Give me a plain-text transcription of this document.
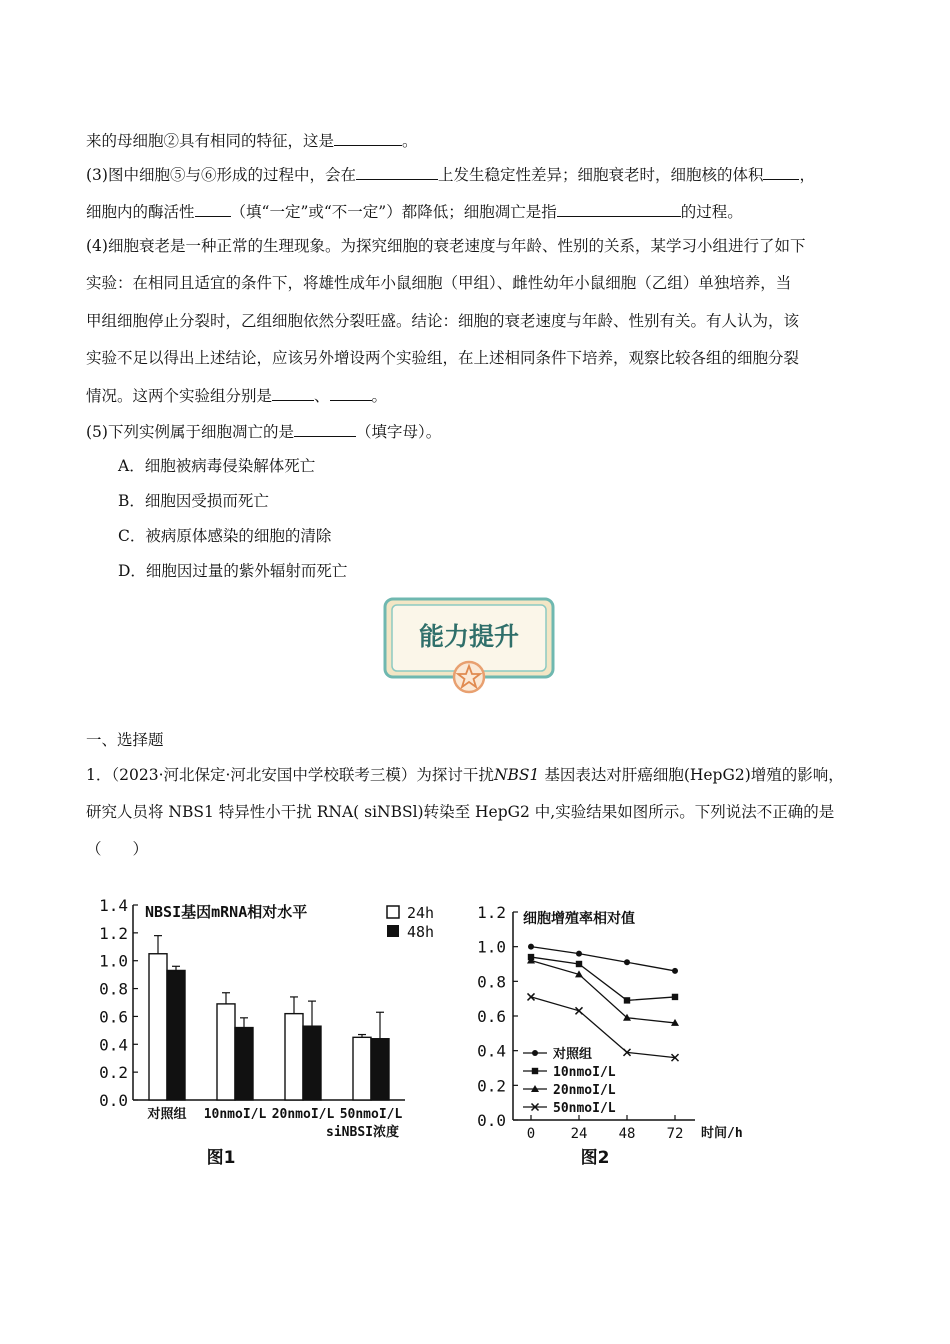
来的母细胞②具有相同的特征，这是	。
(3)图中细胞⑤与⑥形成的过程中，会在	上发生稳定性差异；细胞衰老时，细胞核的体积 ，
细胞内的酶活性 （填“一定”或“不一定”）都降低；细胞凋亡是指	的过程。
(4)细胞衰老是一种正常的生理现象。为探究细胞的衰老速度与年龄、性别的关系，某学习小组进行了如下
实验：在相同且适宜的条件下，将雄性成年小鼠细胞（甲组）、雌性幼年小鼠细胞（乙组）单独培养，当
甲组细胞停止分裂时，乙组细胞依然分裂旺盛。结论：细胞的衰老速度与年龄、性别有关。有人认为，该
实验不足以得出上述结论，应该另外增设两个实验组，在上述相同条件下培养，观察比较各组的细胞分裂
情况。这两个实验组分别是	、	。
(5)下列实例属于细胞凋亡的是	（填字母）。
A．细胞被病毒侵染解体死亡
B．细胞因受损而死亡
C．被病原体感染的细胞的清除
D．细胞因过量的紫外辐射而死亡
能力提升
一、选择题
1．（2023·河北保定·河北安国中学校联考三模）为探讨干扰NBS1 基因表达对肝癌细胞(HepG2)增殖的影响，
研究人员将 NBS1 特异性小干扰 RNA( siNBSl)转染至 HepG2 中,实验结果如图所示。下列说法不正确的是
（　　）
0.0
0.2
0.4
0.6
0.8
1.0
1.2
1.4
对照组 10nmoI/L 20nmoI/L 50nmoI/L
NBSI基因mRNA相对水平	24h
48h
siNBSI浓度
图1
0.0
0.2
0.4
0.6
0.8
1.0
1.2
0	24 48 72
细胞增殖率相对值
对照组
10nmoI/L
20nmoI/L
50nmoI/L
时间/h
图2
